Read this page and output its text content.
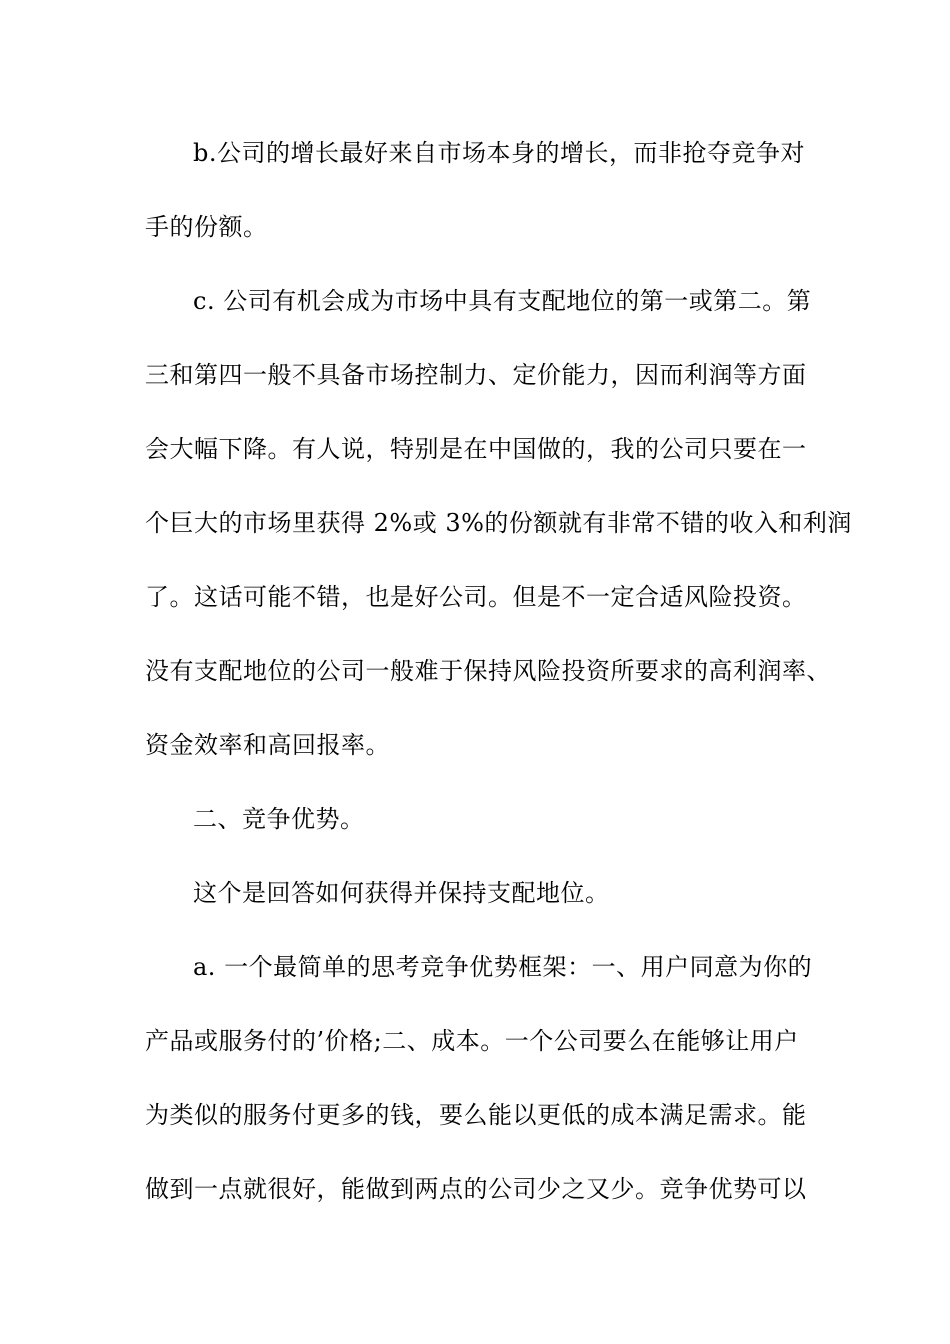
b.公司的增长最好来自市场本身的增长，而非抢夺竞争对
手的份额。
c. 公司有机会成为市场中具有支配地位的第一或第二。第
三和第四一般不具备市场控制力、定价能力，因而利润等方面
会大幅下降。有人说，特别是在中国做的，我的公司只要在一
个巨大的市场里获得 2%或 3%的份额就有非常不错的收入和利润
了。这话可能不错，也是好公司。但是不一定合适风险投资。
没有支配地位的公司一般难于保持风险投资所要求的高利润率、
资金效率和高回报率。
二、竞争优势。
这个是回答如何获得并保持支配地位。
a. 一个最简单的思考竞争优势框架：一、用户同意为你的
产品或服务付的’价格;二、成本。一个公司要么在能够让用户
为类似的服务付更多的钱，要么能以更低的成本满足需求。能
做到一点就很好，能做到两点的公司少之又少。竞争优势可以
